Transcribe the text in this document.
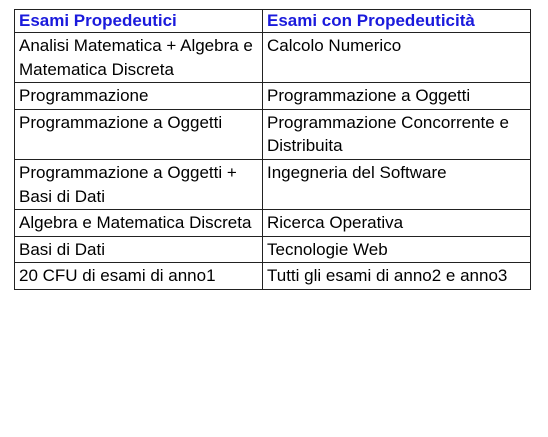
Esami Propedeutici	Esami con Propedeuticità
Analisi Matematica + Algebra e Matematica Discreta	Calcolo Numerico
Programmazione	Programmazione a Oggetti
Programmazione a Oggetti	Programmazione Concorrente e Distribuita
Programmazione a Oggetti + Basi di Dati	Ingegneria del Software
Algebra e Matematica Discreta	Ricerca Operativa
Basi di Dati	Tecnologie Web
20 CFU di esami di anno1	Tutti gli esami di anno2 e anno3
